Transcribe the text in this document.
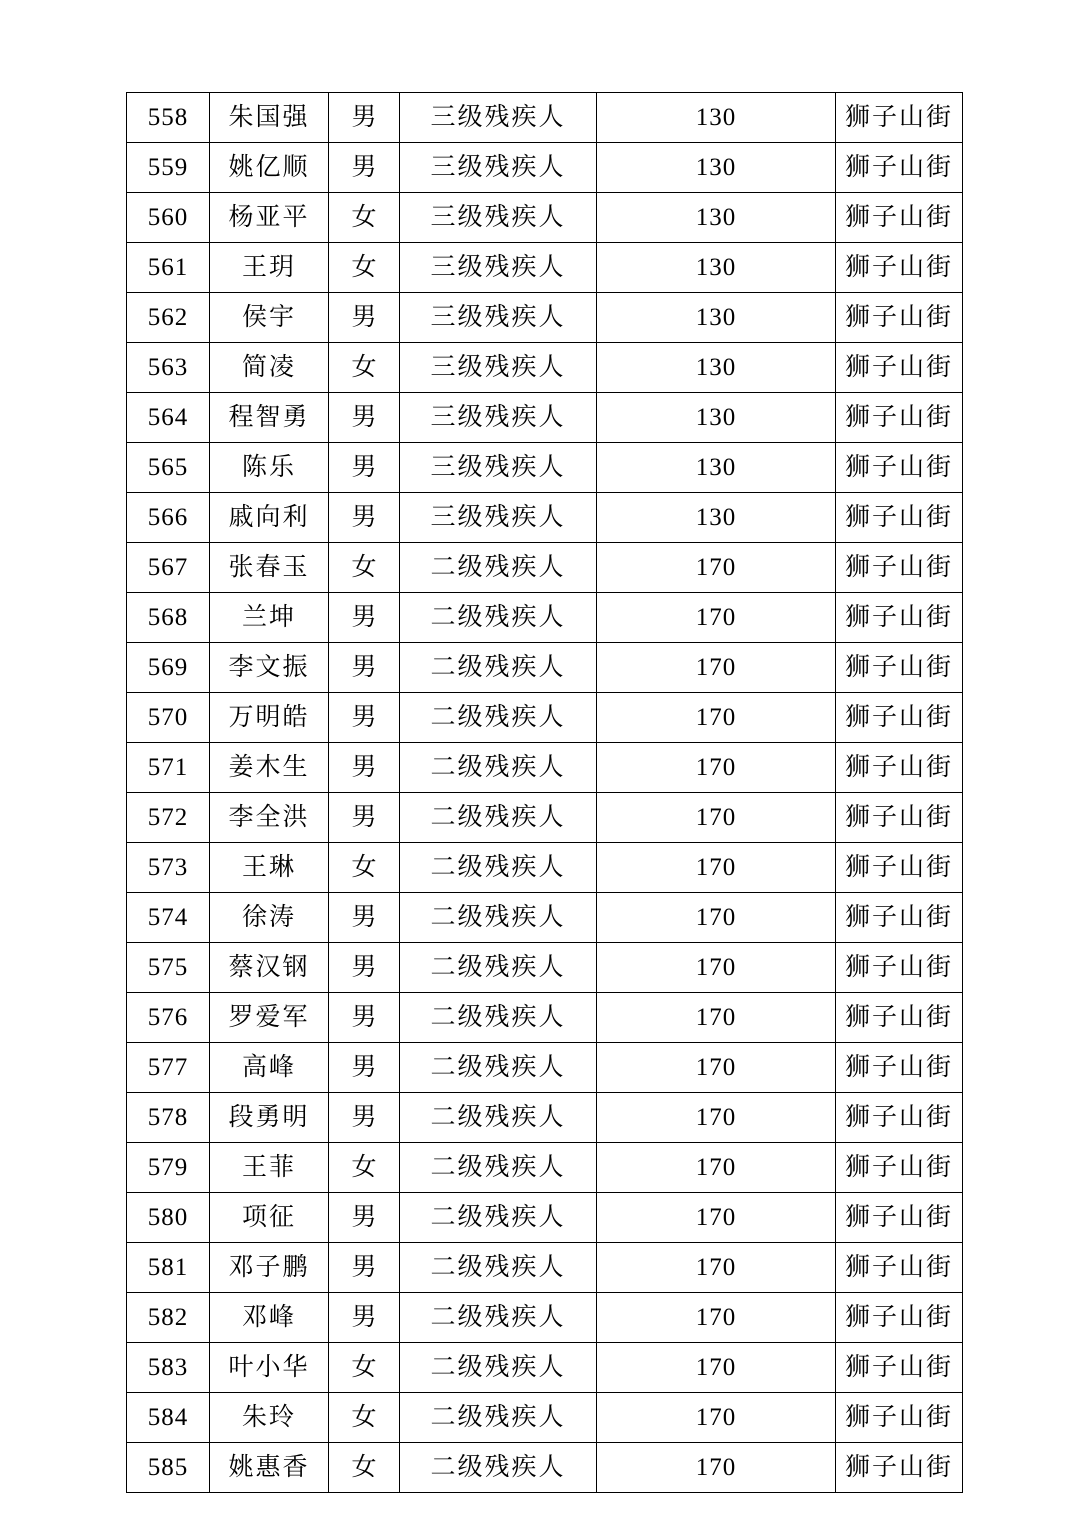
558	朱国强	男	三级残疾人	130	狮子山街
559	姚亿顺	男	三级残疾人	130	狮子山街
560	杨亚平	女	三级残疾人	130	狮子山街
561	王玥	女	三级残疾人	130	狮子山街
562	侯宇	男	三级残疾人	130	狮子山街
563	简凌	女	三级残疾人	130	狮子山街
564	程智勇	男	三级残疾人	130	狮子山街
565	陈乐	男	三级残疾人	130	狮子山街
566	戚向利	男	三级残疾人	130	狮子山街
567	张春玉	女	二级残疾人	170	狮子山街
568	兰坤	男	二级残疾人	170	狮子山街
569	李文振	男	二级残疾人	170	狮子山街
570	万明皓	男	二级残疾人	170	狮子山街
571	姜木生	男	二级残疾人	170	狮子山街
572	李全洪	男	二级残疾人	170	狮子山街
573	王琳	女	二级残疾人	170	狮子山街
574	徐涛	男	二级残疾人	170	狮子山街
575	蔡汉钢	男	二级残疾人	170	狮子山街
576	罗爱军	男	二级残疾人	170	狮子山街
577	高峰	男	二级残疾人	170	狮子山街
578	段勇明	男	二级残疾人	170	狮子山街
579	王菲	女	二级残疾人	170	狮子山街
580	项征	男	二级残疾人	170	狮子山街
581	邓子鹏	男	二级残疾人	170	狮子山街
582	邓峰	男	二级残疾人	170	狮子山街
583	叶小华	女	二级残疾人	170	狮子山街
584	朱玲	女	二级残疾人	170	狮子山街
585	姚惠香	女	二级残疾人	170	狮子山街
